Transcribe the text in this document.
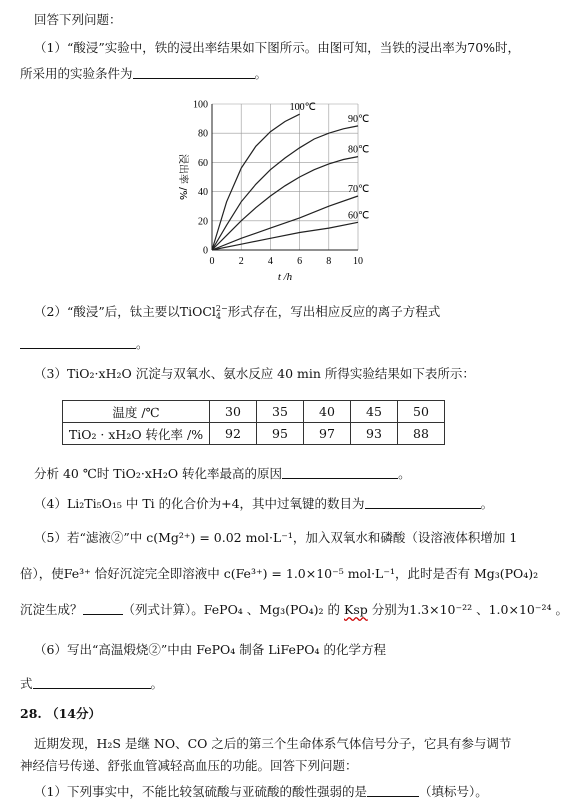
回答下列问题：
（1）“酸浸”实验中，铁的浸出率结果如下图所示。由图可知，当铁的浸出率为70%时，
所采用的实验条件为	。
0
20
40
60
80
100
0 2 4 6 8 10
t /h
浸出率 /%
100℃
90℃
80℃
70℃
60℃
（2）“酸浸”后，钛主要以TiOCl2−
4 形式存在，写出相应反应的离子方程式
。
（3）TiO₂·xH₂O 沉淀与双氧水、氨水反应 40 min 所得实验结果如下表所示：
温度 /℃	30	35	40	45	50
TiO₂ · xH₂O 转化率 /%	92	95	97	93	88
分析 40 ℃时 TiO₂·xH₂O 转化率最高的原因	。
（4）Li₂Ti₅O₁₅ 中 Ti 的化合价为+4，其中过氧键的数目为	。
（5）若“滤液②”中 c(Mg²⁺) = 0.02 mol·L⁻¹，加入双氧水和磷酸（设溶液体积增加 1
倍），使Fe³⁺ 恰好沉淀完全即溶液中 c(Fe³⁺) = 1.0×10⁻⁵ mol·L⁻¹，此时是否有 Mg₃(PO₄)₂
沉淀生成？	（列式计算）。FePO₄ 、Mg₃(PO₄)₂ 的 Ksp 分别为1.3×10⁻²² 、1.0×10⁻²⁴ 。
（6）写出“高温煅烧②”中由 FePO₄ 制备 LiFePO₄ 的化学方程
式	。
28. （14分）
近期发现，H₂S 是继 NO、CO 之后的第三个生命体系气体信号分子，它具有参与调节
神经信号传递、舒张血管减轻高血压的功能。回答下列问题：
（1）下列事实中，不能比较氢硫酸与亚硫酸的酸性强弱的是	（填标号）。
